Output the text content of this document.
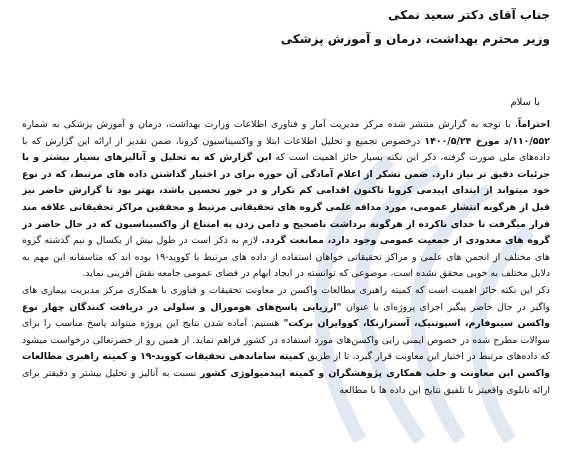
جناب آقای دکتر سعید نمکی
وزیر محترم بهداشت، درمان و آموزش پزشکی
با سلام

احتراماً، با توجه به گزارش منتشر شده مرکز مدیریت آمار و فناوری اطلاعات وزارت بهداشت، درمان و آموزش پزشکی به شماره ۱۱۰/۵۵۲/د مورخ ۱۴۰۰/۵/۲۴ درخصوص تجمیع و تحلیل اطلاعات ابتلا و واکسیناسیون کرونا، ضمن تقدیر از ارائه این گزارش که با داده‌های ملی صورت گرفته، ذکر این نکته بسیار حائز اهمیت است که این گزارش که به تحلیل و آنالیزهای بسیار بیشتر و با جزئیات دقیق تر نیاز دارد. ضمن تشکر از اعلام آمادگی آن حوزه برای در اختیار گذاشتن داده های مرتبط، که در نوع خود میتواند از ابتدای اپیدمی کرونا تاکنون اقدامی کم تکرار و در خور تحسین باشد، بهتر بود تا گزارش حاضر نیز قبل از هرگونه انتشار عمومی، مورد مداقه علمی گروه های تحقیقاتی مرتبط و محققین مراکز تحقیقاتی علاقه مند قرار میگرفت تا خدای ناکرده از هرگونه برداشت ناصحیح و دامن زدن به امتناع از واکسیناسیون که در حال حاضر در گروه های معدودی از جمعیت عمومی وجود دارد، ممانعت گردد. لازم به ذکر است در طول بیش از یکسال و نیم گذشته گروه های مختلف از انجمن های علمی و مراکز تحقیقاتی خواهان استفاده از داده های مرتبط با کووید-۱۹ بوده اند که متاسفانه این مهم به دلایل مختلف به خوبی محقق نشده است، موضوعی که توانسته در ایجاد ابهام در فضای عمومی جامعه نقش آفرینی نماید.

ذکر این نکته حائز اهمیت است که کمیته راهبری مطالعات واکسن در معاونت تحقیقات و فناوری با همکاری مرکز مدیریت بیماری های واگیر در حال حاضر پیگیر اجرای پروژه‌ای با عنوان "ارزیابی پاسخ‌های هومورال و سلولی در دریافت کنندگان چهار نوع واکسن سینوفارم، اسپوتنیک، آسترازنکا، کووایران برکت" هستیم. آماده شدن نتایج این پروژه میتواند پاسخ مناسب را برای سوالات مطرح شده در خصوص ایمنی زایی واکسن‌های مورد استفاده در کشور فراهم نماید. از همین رو از حضرتعالی درخواست میشود که داده‌های مرتبط در اختیار این معاونت قرار گیرد، تا از طریق کمیته ساماندهی تحقیقات کووید-۱۹ و کمیته راهبری مطالعات واکسن این معاونت و جلب همکاری پژوهشگران و کمیته اپیدمیولوژی کشور نسبت به آنالیز و تحلیل بیشتر و دقیقتر برای ارائه تابلوی واقعیتر با تلفیق نتایج این داده ها با مطالعه
